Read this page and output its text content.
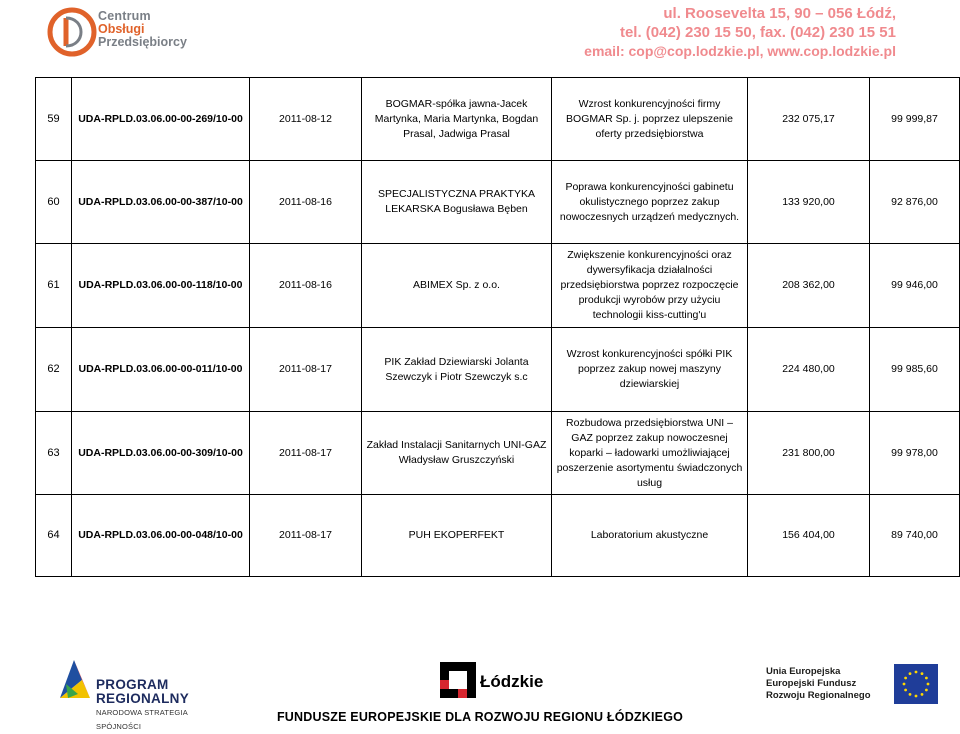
Centrum
Obsługi
Przedsiębiorcy
ul. Roosevelta 15, 90 – 056 Łódź,
tel. (042) 230 15 50, fax. (042) 230 15 51
email: cop@cop.lodzkie.pl, www.cop.lodzkie.pl
59	UDA-RPLD.03.06.00-00-269/10-00	2011-08-12	BOGMAR-spółka jawna-Jacek Martynka, Maria Martynka, Bogdan Prasal, Jadwiga Prasal	Wzrost konkurencyjności firmy BOGMAR Sp. j. poprzez ulepszenie oferty przedsiębiorstwa	232 075,17	99 999,87
60	UDA-RPLD.03.06.00-00-387/10-00	2011-08-16	SPECJALISTYCZNA PRAKTYKA LEKARSKA Bogusława Bęben	Poprawa konkurencyjności gabinetu okulistycznego poprzez zakup nowoczesnych urządzeń medycznych.	133 920,00	92 876,00
61	UDA-RPLD.03.06.00-00-118/10-00	2011-08-16	ABIMEX Sp. z o.o.	Zwiększenie konkurencyjności oraz dywersyfikacja działalności przedsiębiorstwa poprzez rozpoczęcie produkcji wyrobów przy użyciu technologii kiss-cutting'u	208 362,00	99 946,00
62	UDA-RPLD.03.06.00-00-011/10-00	2011-08-17	PIK Zakład Dziewiarski Jolanta Szewczyk i Piotr Szewczyk s.c	Wzrost konkurencyjności spółki PIK poprzez zakup nowej maszyny dziewiarskiej	224 480,00	99 985,60
63	UDA-RPLD.03.06.00-00-309/10-00	2011-08-17	Zakład Instalacji Sanitarnych UNI-GAZ Władysław Gruszczyński	Rozbudowa przedsiębiorstwa UNI – GAZ poprzez zakup nowoczesnej koparki – ładowarki umożliwiającej poszerzenie asortymentu świadczonych usług	231 800,00	99 978,00
64	UDA-RPLD.03.06.00-00-048/10-00	2011-08-17	PUH EKOPERFEKT	Laboratorium akustyczne	156 404,00	89 740,00
PROGRAM
REGIONALNY
NARODOWA STRATEGIA SPÓJNOŚCI
Łódzkie
Unia Europejska
Europejski Fundusz
Rozwoju Regionalnego
FUNDUSZE EUROPEJSKIE DLA ROZWOJU REGIONU ŁÓDZKIEGO
